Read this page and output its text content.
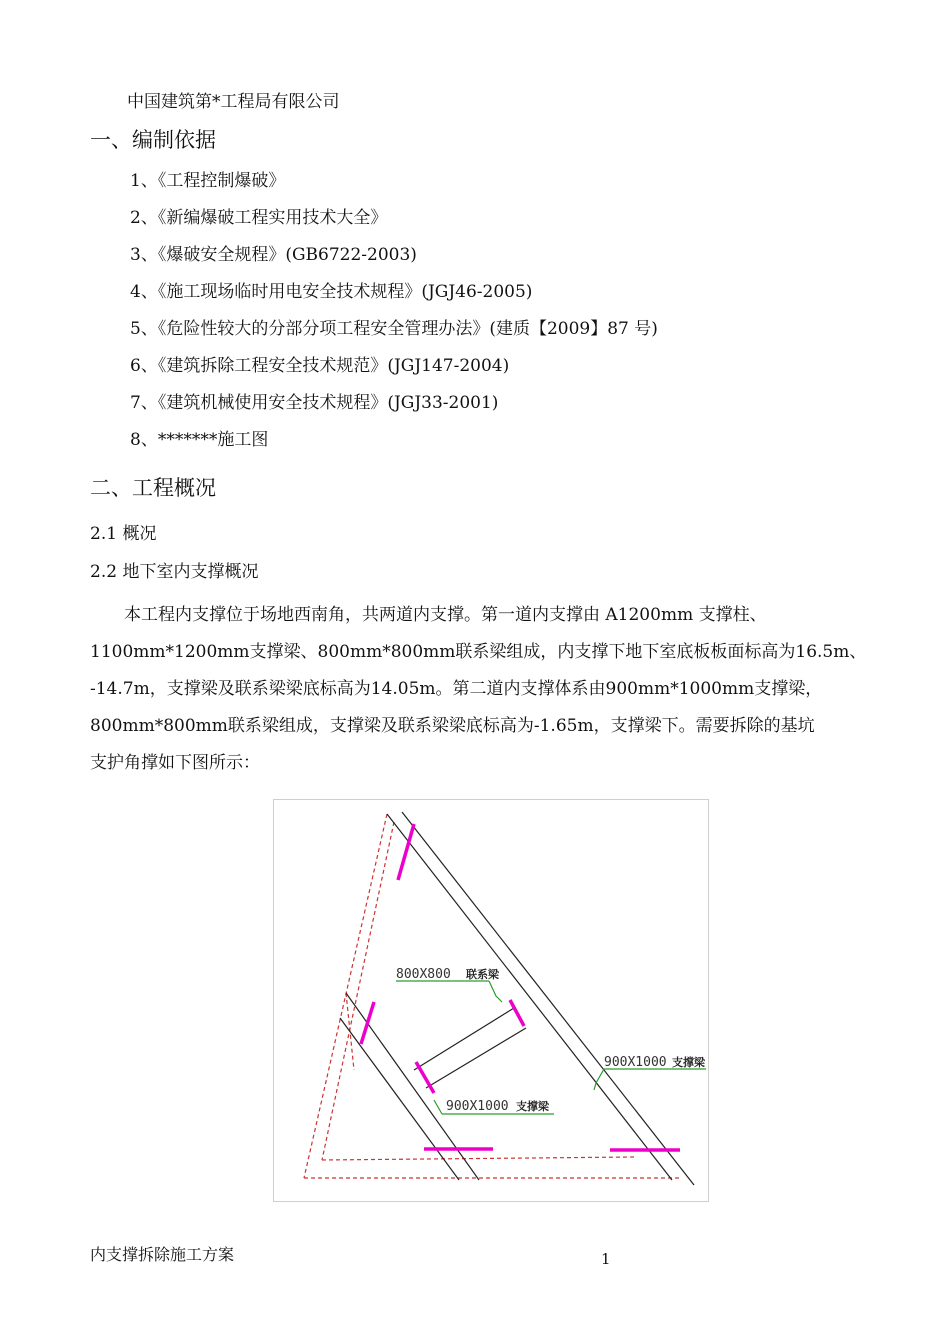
中国建筑第*工程局有限公司
一、编制依据
1、《工程控制爆破》
2、《新编爆破工程实用技术大全》
3、《爆破安全规程》(GB6722-2003)
4、《施工现场临时用电安全技术规程》(JGJ46-2005)
5、《危险性较大的分部分项工程安全管理办法》(建质【2009】87 号)
6、《建筑拆除工程安全技术规范》(JGJ147-2004)
7、《建筑机械使用安全技术规程》(JGJ33-2001)
8、*******施工图
二、工程概况
2.1 概况
2.2 地下室内支撑概况
本工程内支撑位于场地西南角，共两道内支撑。第一道内支撑由 A1200mm 支撑柱、
1100mm*1200mm支撑梁、800mm*800mm联系梁组成，内支撑下地下室底板板面标高为16.5m、
-14.7m，支撑梁及联系梁梁底标高为14.05m。第二道内支撑体系由900mm*1000mm支撑梁，
800mm*800mm联系梁组成，支撑梁及联系梁梁底标高为-1.65m，支撑梁下。需要拆除的基坑
支护角撑如下图所示：
800X800 联系梁
900X1000 支撑梁
900X1000 支撑梁
内支撑拆除施工方案	1
